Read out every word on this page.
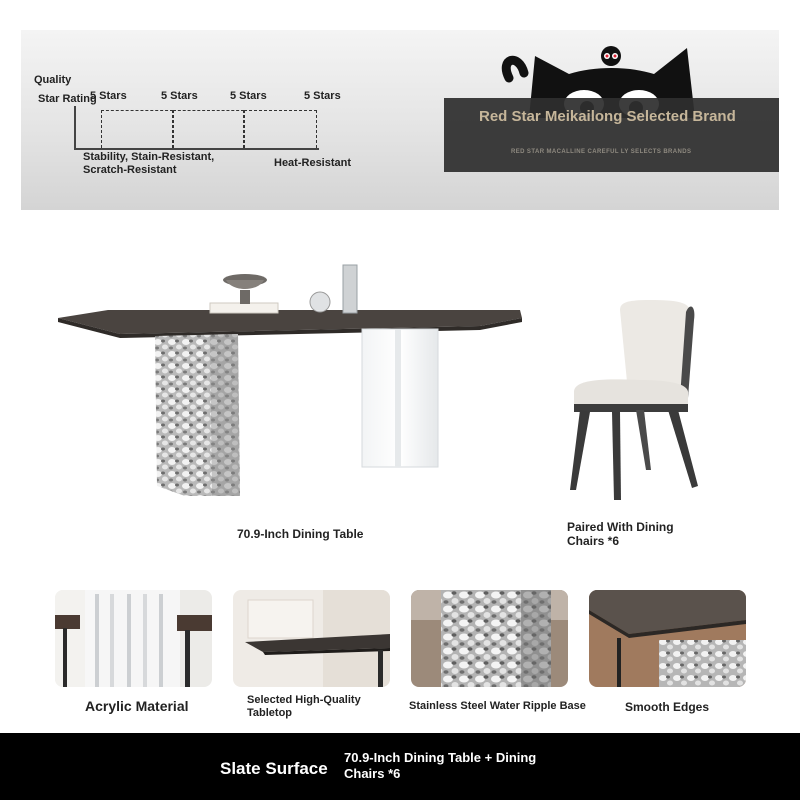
Quality
Star Rating
5 Stars	5 Stars	5 Stars	5 Stars
Stability, Stain-Resistant,
Scratch-Resistant
Heat-Resistant
Red Star Meikailong Selected Brand
RED STAR MACALLINE CAREFUL LY SELECTS BRANDS
70.9-Inch Dining Table	Paired With Dining
Chairs *6
Acrylic Material	Selected High-Quality
Tabletop
Stainless Steel Water Ripple Base	Smooth Edges
Slate Surface
70.9-Inch Dining Table + Dining
Chairs *6
